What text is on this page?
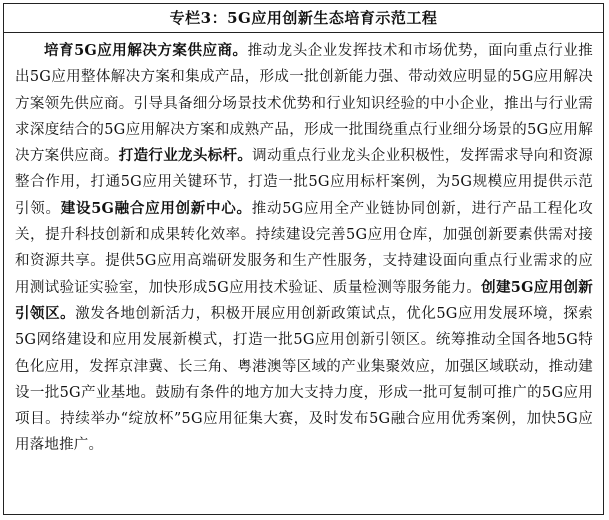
专栏3：5G应用创新生态培育示范工程
培育5G应用解决方案供应商。推动龙头企业发挥技术和市场优势，面向重点行业推出5G应用整体解决方案和集成产品，形成一批创新能力强、带动效应明显的5G应用解决方案领先供应商。引导具备细分场景技术优势和行业知识经验的中小企业，推出与行业需求深度结合的5G应用解决方案和成熟产品，形成一批围绕重点行业细分场景的5G应用解决方案供应商。打造行业龙头标杆。调动重点行业龙头企业积极性，发挥需求导向和资源整合作用，打通5G应用关键环节，打造一批5G应用标杆案例，为5G规模应用提供示范引领。建设5G融合应用创新中心。推动5G应用全产业链协同创新，进行产品工程化攻关，提升科技创新和成果转化效率。持续建设完善5G应用仓库，加强创新要素供需对接和资源共享。提供5G应用高端研发服务和生产性服务，支持建设面向重点行业需求的应用测试验证实验室，加快形成5G应用技术验证、质量检测等服务能力。创建5G应用创新引领区。激发各地创新活力，积极开展应用创新政策试点，优化5G应用发展环境，探索5G网络建设和应用发展新模式，打造一批5G应用创新引领区。统筹推动全国各地5G特色化应用，发挥京津冀、长三角、粤港澳等区域的产业集聚效应，加强区域联动，推动建设一批5G产业基地。鼓励有条件的地方加大支持力度，形成一批可复制可推广的5G应用项目。持续举办“绽放杯”5G应用征集大赛，及时发布5G融合应用优秀案例，加快5G应用落地推广。
